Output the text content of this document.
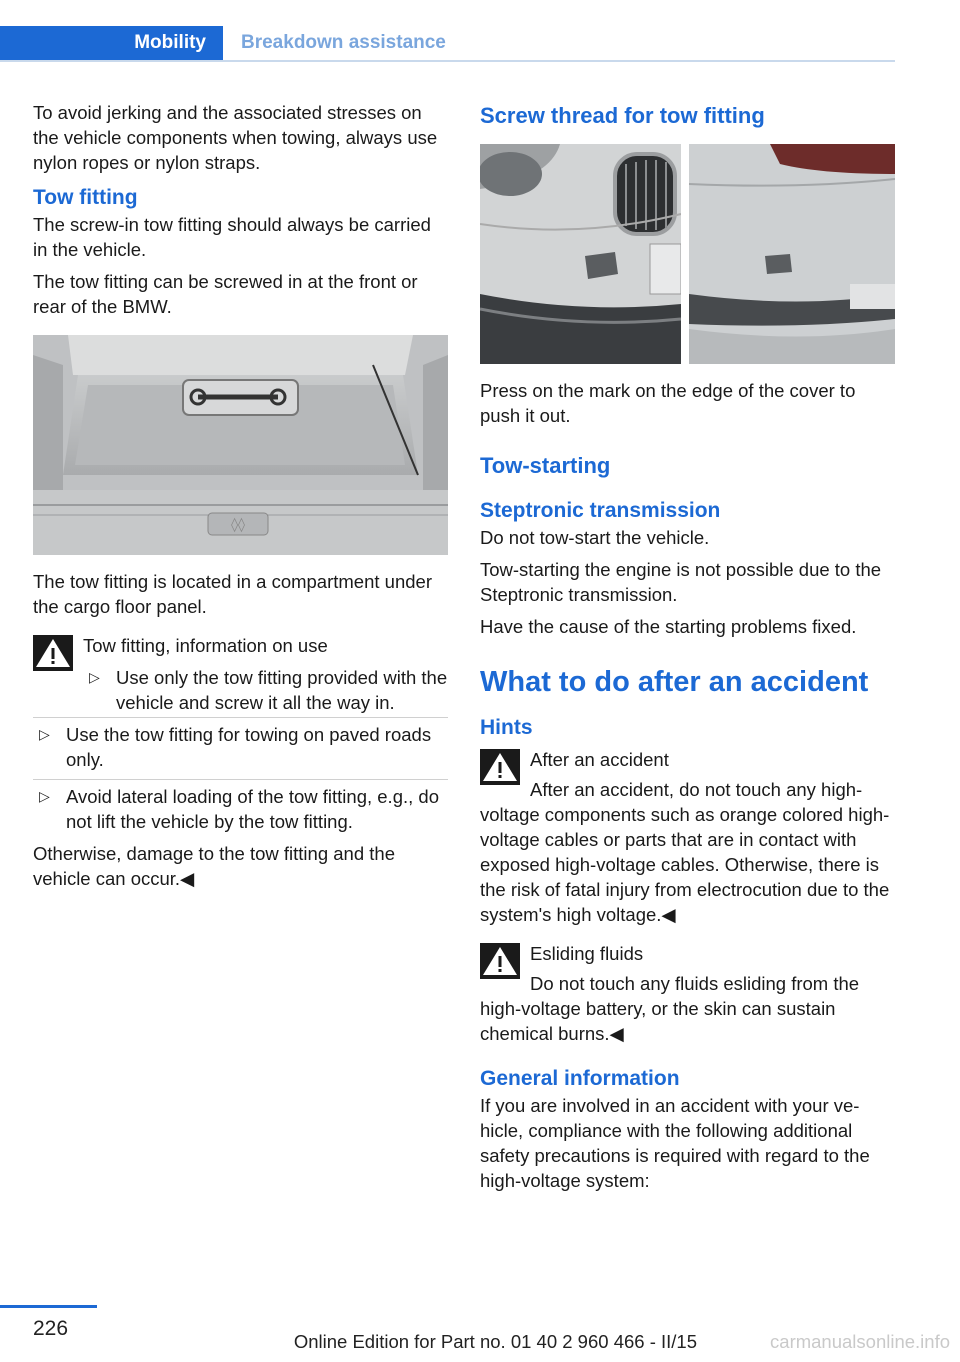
Mobility	Breakdown assistance

To avoid jerking and the associated stresses on the vehicle components when towing, always use nylon ropes or nylon straps.

Tow fitting

The screw-in tow fitting should always be carried in the vehicle.

The tow fitting can be screwed in at the front or rear of the BMW.

◊◊

The tow fitting is located in a compartment under the cargo floor panel.

Tow fitting, information on use

▷ Use only the tow fitting provided with the vehicle and screw it all the way in.
▷ Use the tow fitting for towing on paved roads only.
▷ Avoid lateral loading of the tow fitting, e.g., do not lift the vehicle by the tow fitting.

Otherwise, damage to the tow fitting and the vehicle can occur.◀

Screw thread for tow fitting

Press on the mark on the edge of the cover to push it out.

Tow-starting
Steptronic transmission

Do not tow-start the vehicle.

Tow-starting the engine is not possible due to the Steptronic transmission.

Have the cause of the starting problems fixed.

What to do after an accident
Hints

After an accident

After an accident, do not touch any high-voltage components such as orange colored high-voltage cables or parts that are in contact with exposed high-voltage cables. Otherwise, there is the risk of fatal injury from electrocution due to the system's high voltage.◀

Esliding fluids

Do not touch any fluids esliding from the high-voltage battery, or the skin can sustain chemical burns.◀

General information

If you are involved in an accident with your vehicle, compliance with the following additional safety precautions is required with regard to the high-voltage system:

226
Online Edition for Part no. 01 40 2 960 466 - II/15	carmanualsonline.info
